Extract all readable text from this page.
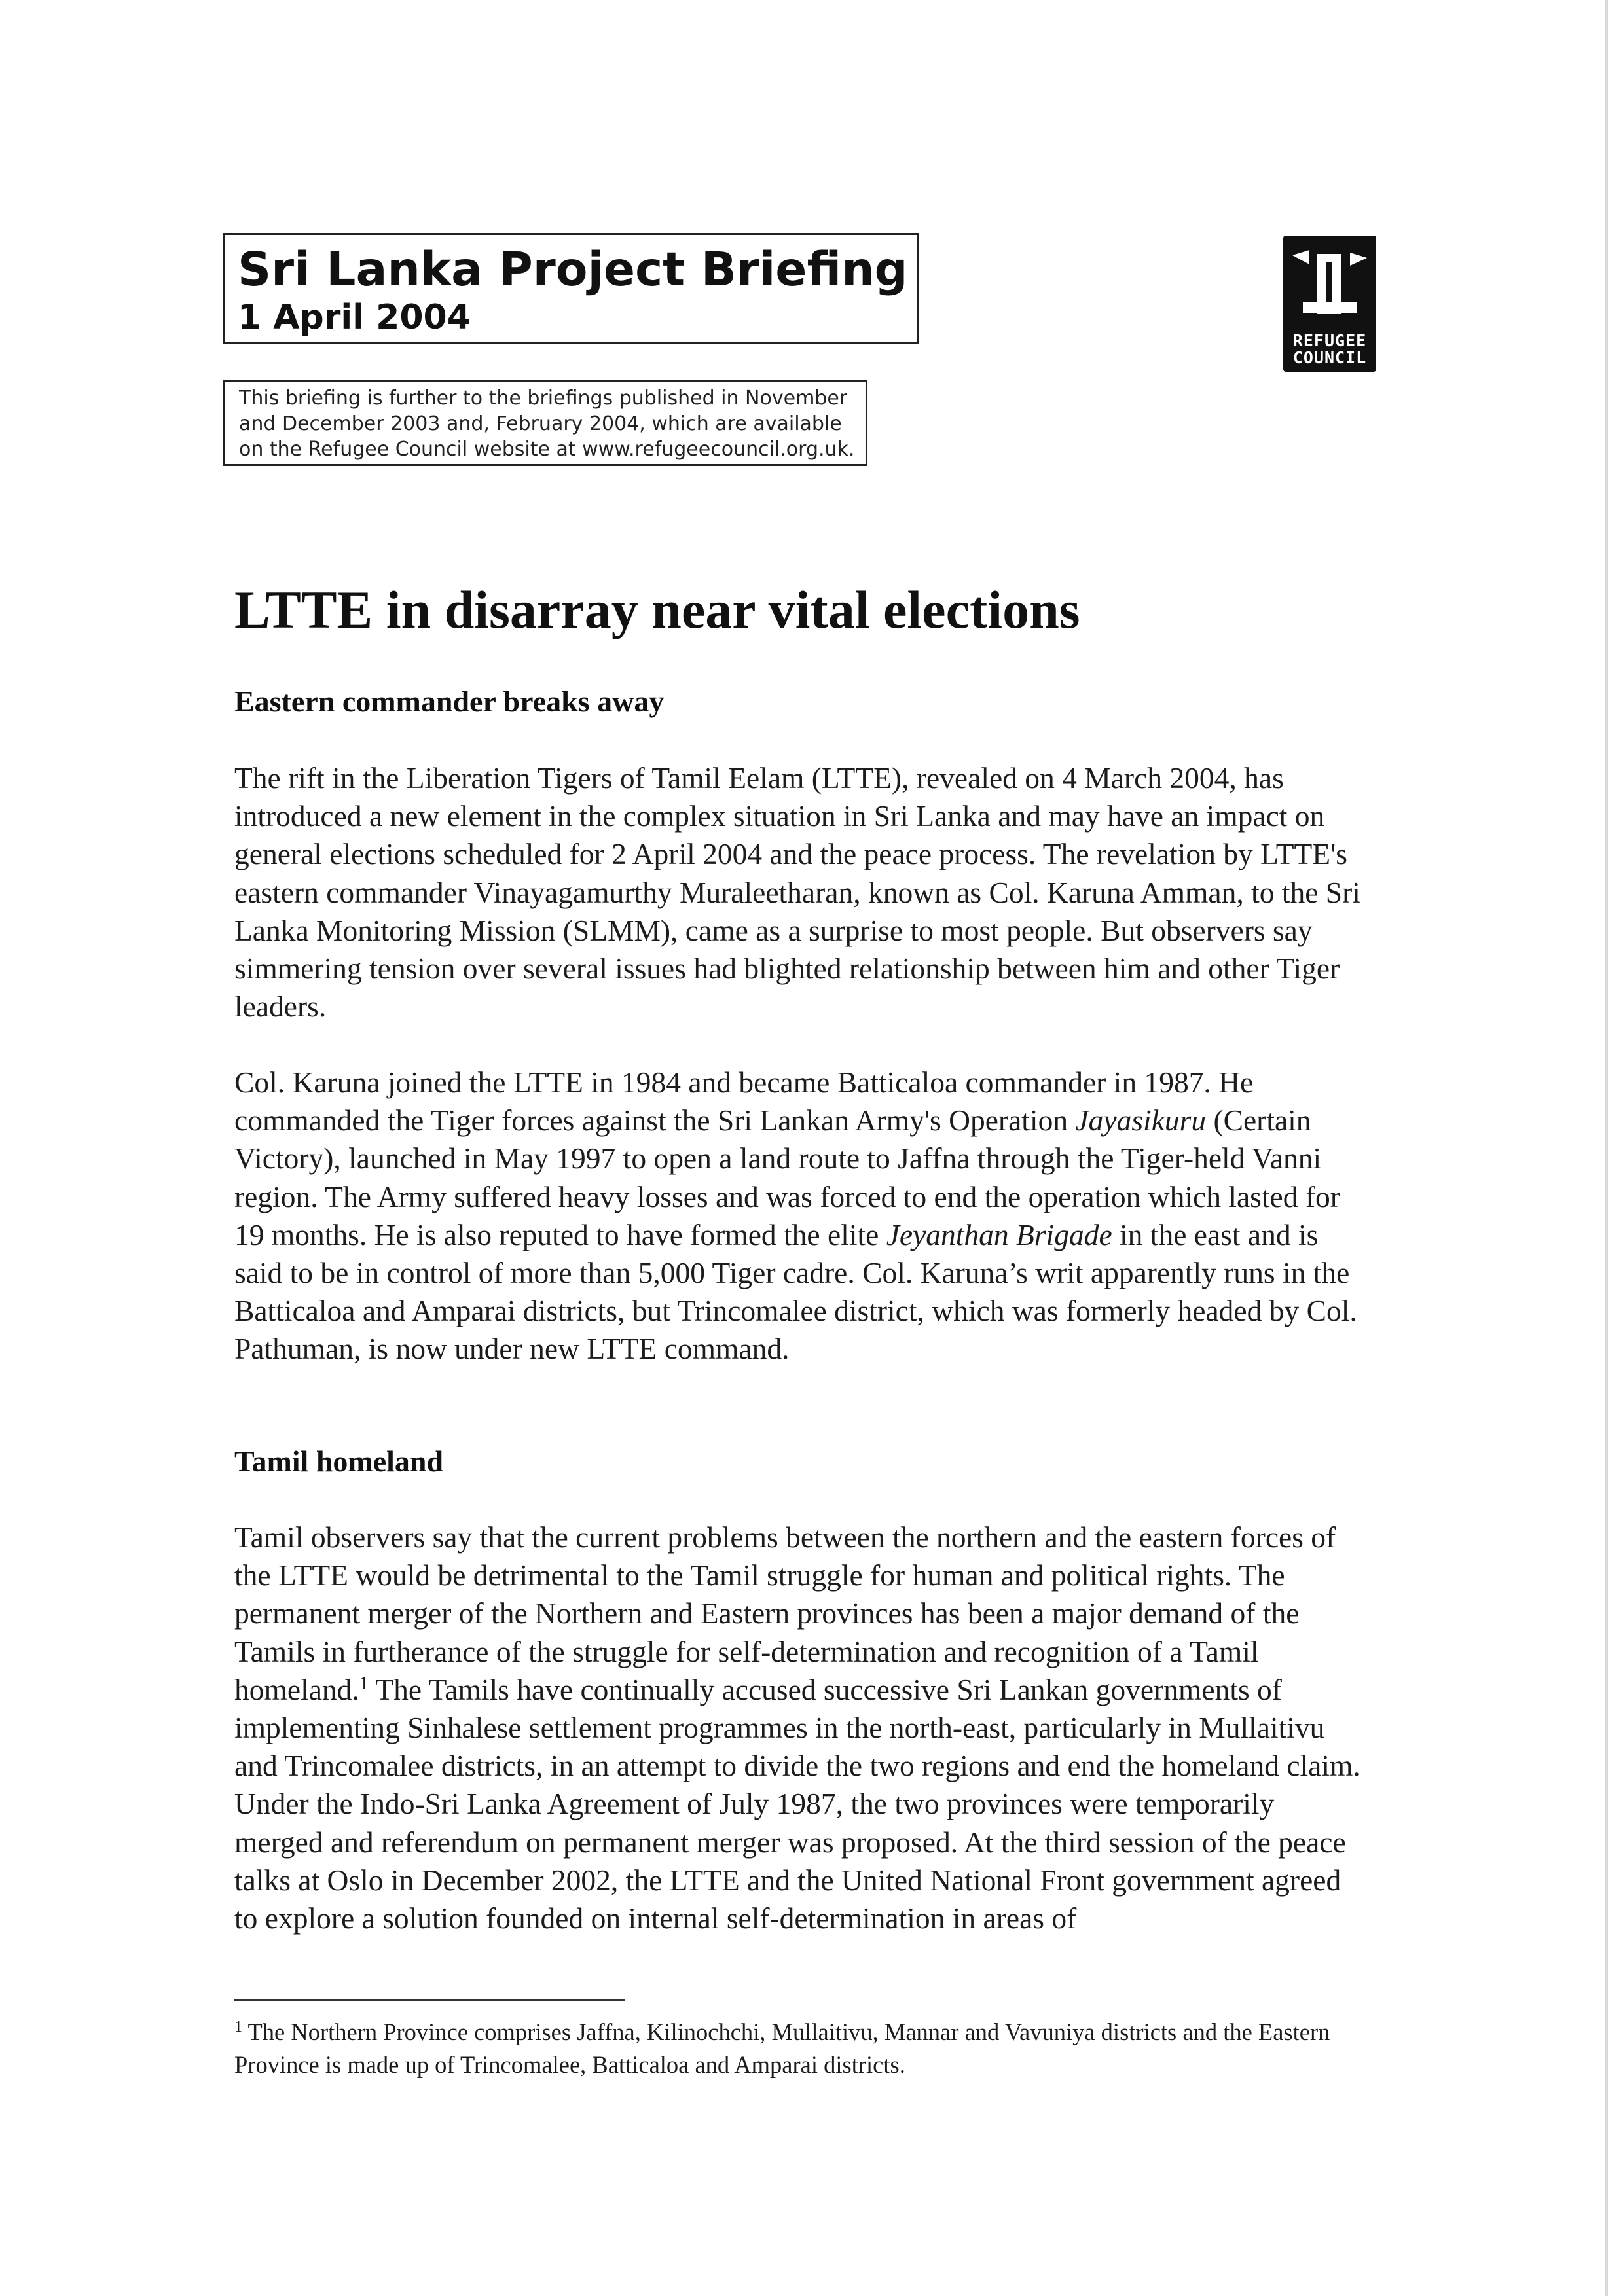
Sri Lanka Project Briefing

1 April 2004

This briefing is further to the briefings published in November
and December 2003 and, February 2004, which are available
on the Refugee Council website at www.refugeecouncil.org.uk.
REFUGEE
COUNCIL
LTTE in disarray near vital elections
Eastern commander breaks away

The rift in the Liberation Tigers of Tamil Eelam (LTTE), revealed on 4 March 2004, has introduced a new element in the complex situation in Sri Lanka and may have an impact on general elections scheduled for 2 April 2004 and the peace process. The revelation by LTTE's eastern commander Vinayagamurthy Muraleetharan, known as Col. Karuna Amman, to the Sri Lanka Monitoring Mission (SLMM), came as a surprise to most people. But observers say simmering tension over several issues had blighted relationship between him and other Tiger leaders.

Col. Karuna joined the LTTE in 1984 and became Batticaloa commander in 1987. He commanded the Tiger forces against the Sri Lankan Army's Operation Jayasikuru (Certain Victory), launched in May 1997 to open a land route to Jaffna through the Tiger-held Vanni region. The Army suffered heavy losses and was forced to end the operation which lasted for 19 months. He is also reputed to have formed the elite Jeyanthan Brigade in the east and is said to be in control of more than 5,000 Tiger cadre. Col. Karuna’s writ apparently runs in the Batticaloa and Amparai districts, but Trincomalee district, which was formerly headed by Col. Pathuman, is now under new LTTE command.

Tamil homeland

Tamil observers say that the current problems between the northern and the eastern forces of the LTTE would be detrimental to the Tamil struggle for human and political rights. The permanent merger of the Northern and Eastern provinces has been a major demand of the Tamils in furtherance of the struggle for self-determination and recognition of a Tamil homeland.$^1$ The Tamils have continually accused successive Sri Lankan governments of implementing Sinhalese settlement programmes in the north-east, particularly in Mullaitivu and Trincomalee districts, in an attempt to divide the two regions and end the homeland claim. Under the Indo-Sri Lanka Agreement of July 1987, the two provinces were temporarily merged and referendum on permanent merger was proposed. At the third session of the peace talks at Oslo in December 2002, the LTTE and the United National Front government agreed to explore a solution founded on internal self-determination in areas of

$^1$ The Northern Province comprises Jaffna, Kilinochchi, Mullaitivu, Mannar and Vavuniya districts and the Eastern Province is made up of Trincomalee, Batticaloa and Amparai districts.
